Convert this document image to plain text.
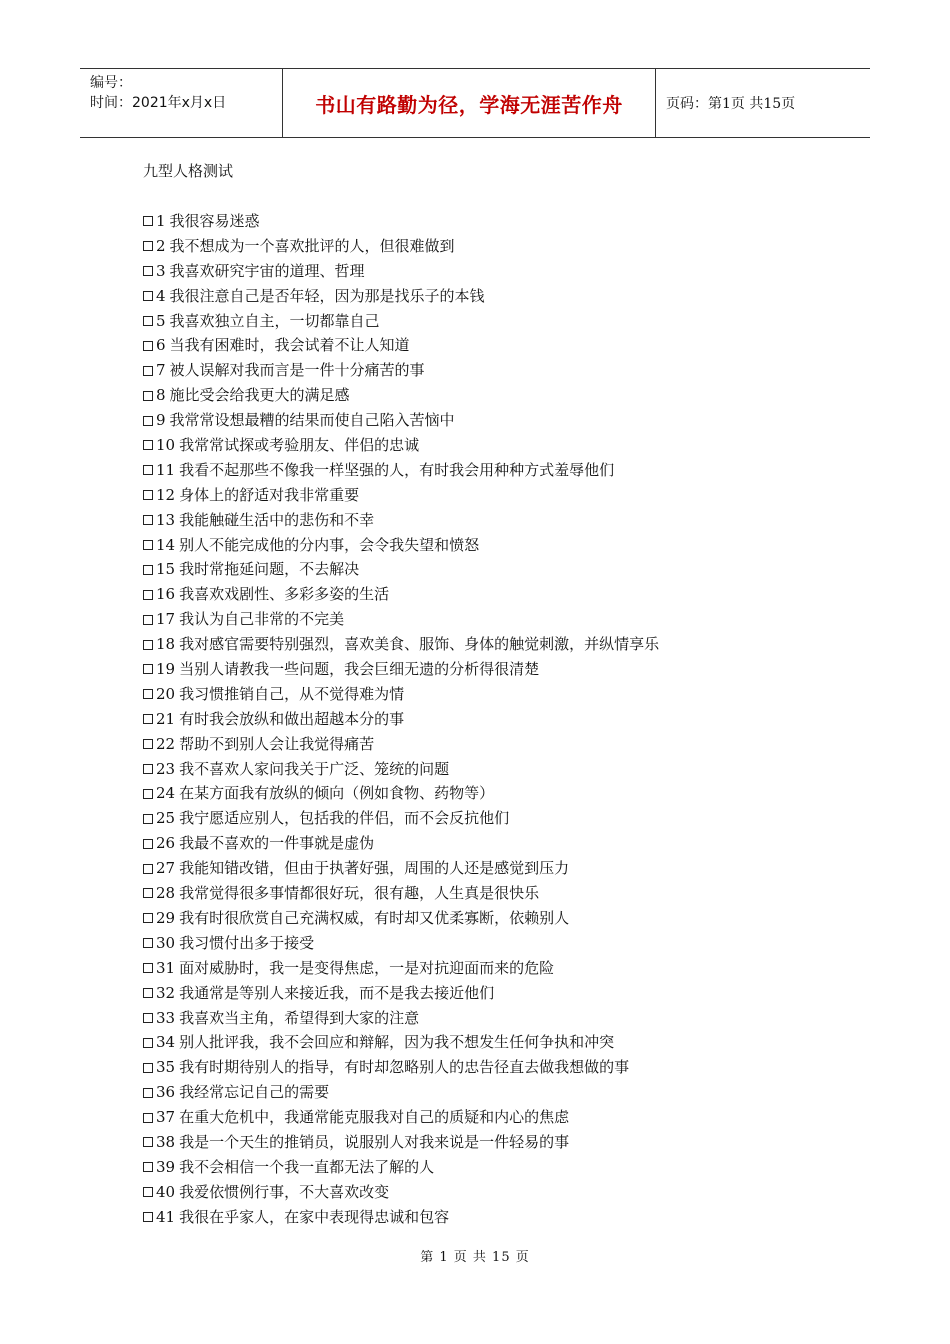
编号：
时间：2021年x月x日	书山有路勤为径，学海无涯苦作舟	页码：第1页 共15页
九型人格测试
1 我很容易迷惑
2 我不想成为一个喜欢批评的人，但很难做到
3 我喜欢研究宇宙的道理、哲理
4 我很注意自己是否年轻，因为那是找乐子的本钱
5 我喜欢独立自主，一切都靠自己
6 当我有困难时，我会试着不让人知道
7 被人误解对我而言是一件十分痛苦的事
8 施比受会给我更大的满足感
9 我常常设想最糟的结果而使自己陷入苦恼中
10 我常常试探或考验朋友、伴侣的忠诚
11 我看不起那些不像我一样坚强的人，有时我会用种种方式羞辱他们
12 身体上的舒适对我非常重要
13 我能触碰生活中的悲伤和不幸
14 别人不能完成他的分内事，会令我失望和愤怒
15 我时常拖延问题，不去解决
16 我喜欢戏剧性、多彩多姿的生活
17 我认为自己非常的不完美
18 我对感官需要特别强烈，喜欢美食、服饰、身体的触觉刺激，并纵情享乐
19 当别人请教我一些问题，我会巨细无遗的分析得很清楚
20 我习惯推销自己，从不觉得难为情
21 有时我会放纵和做出超越本分的事
22 帮助不到别人会让我觉得痛苦
23 我不喜欢人家问我关于广泛、笼统的问题
24 在某方面我有放纵的倾向（例如食物、药物等）
25 我宁愿适应别人，包括我的伴侣，而不会反抗他们
26 我最不喜欢的一件事就是虚伪
27 我能知错改错，但由于执著好强，周围的人还是感觉到压力
28 我常觉得很多事情都很好玩，很有趣，人生真是很快乐
29 我有时很欣赏自己充满权威，有时却又优柔寡断，依赖别人
30 我习惯付出多于接受
31 面对威胁时，我一是变得焦虑，一是对抗迎面而来的危险
32 我通常是等别人来接近我，而不是我去接近他们
33 我喜欢当主角，希望得到大家的注意
34 别人批评我，我不会回应和辩解，因为我不想发生任何争执和冲突
35 我有时期待别人的指导，有时却忽略别人的忠告径直去做我想做的事
36 我经常忘记自己的需要
37 在重大危机中，我通常能克服我对自己的质疑和内心的焦虑
38 我是一个天生的推销员，说服别人对我来说是一件轻易的事
39 我不会相信一个我一直都无法了解的人
40 我爱依惯例行事，不大喜欢改变
41 我很在乎家人，在家中表现得忠诚和包容
第 1 页 共 15 页
